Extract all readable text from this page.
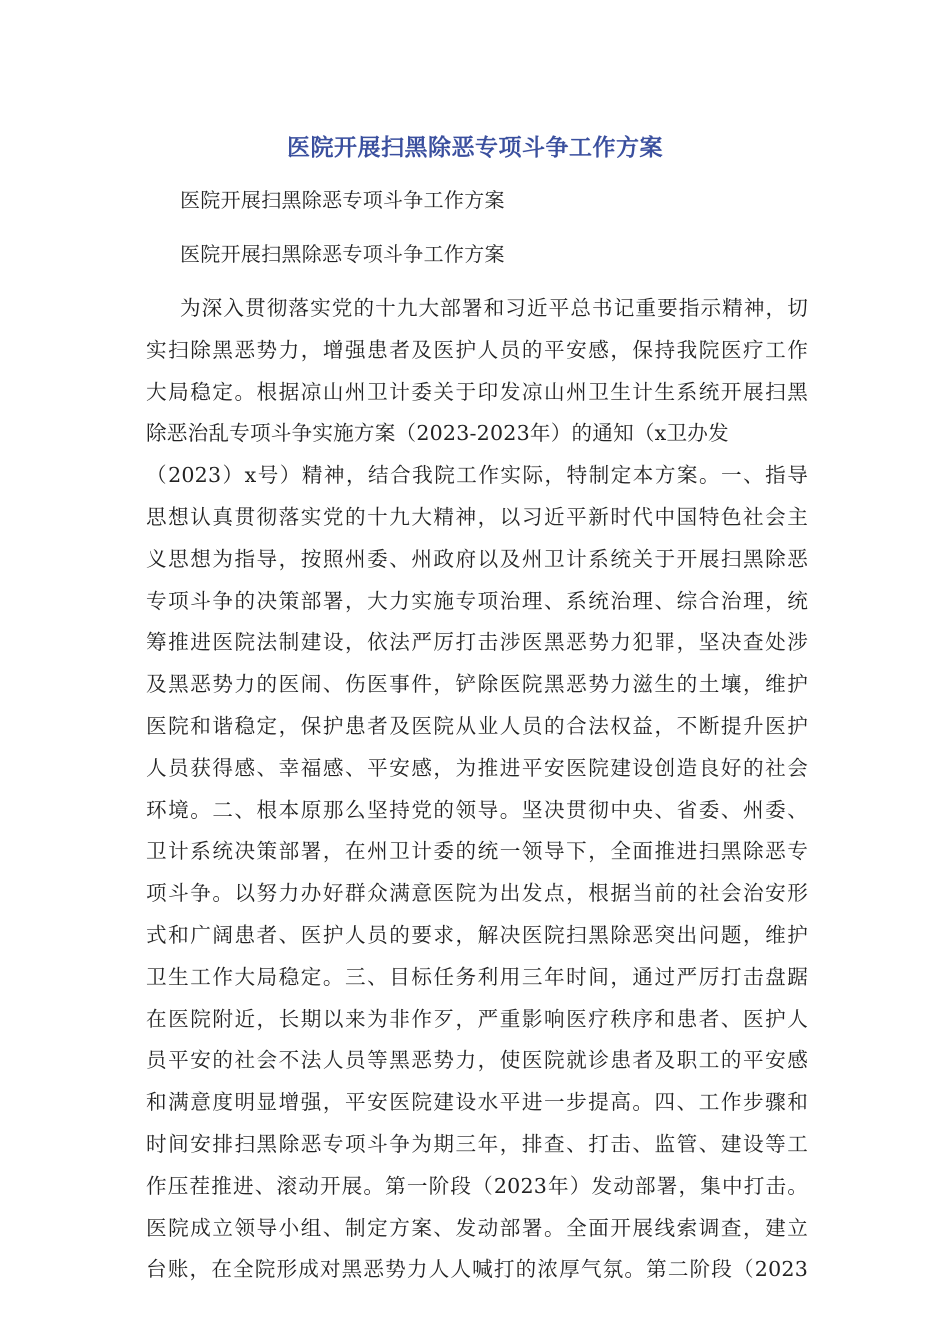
医院开展扫黑除恶专项斗争工作方案
医院开展扫黑除恶专项斗争工作方案
医院开展扫黑除恶专项斗争工作方案
为深入贯彻落实党的十九大部署和习近平总书记重要指示精神，切
实扫除黑恶势力，增强患者及医护人员的平安感，保持我院医疗工作
大局稳定。根据凉山州卫计委关于印发凉山州卫生计生系统开展扫黑
除恶治乱专项斗争实施方案（2023-2023年）的通知（x卫办发
（2023）x号）精神，结合我院工作实际，特制定本方案。一、指导
思想认真贯彻落实党的十九大精神，以习近平新时代中国特色社会主
义思想为指导，按照州委、州政府以及州卫计系统关于开展扫黑除恶
专项斗争的决策部署，大力实施专项治理、系统治理、综合治理，统
筹推进医院法制建设，依法严厉打击涉医黑恶势力犯罪，坚决查处涉
及黑恶势力的医闹、伤医事件，铲除医院黑恶势力滋生的土壤，维护
医院和谐稳定，保护患者及医院从业人员的合法权益，不断提升医护
人员获得感、幸福感、平安感，为推进平安医院建设创造良好的社会
环境。二、根本原那么坚持党的领导。坚决贯彻中央、省委、州委、
卫计系统决策部署，在州卫计委的统一领导下，全面推进扫黑除恶专
项斗争。以努力办好群众满意医院为出发点，根据当前的社会治安形
式和广阔患者、医护人员的要求，解决医院扫黑除恶突出问题，维护
卫生工作大局稳定。三、目标任务利用三年时间，通过严厉打击盘踞
在医院附近，长期以来为非作歹，严重影响医疗秩序和患者、医护人
员平安的社会不法人员等黑恶势力，使医院就诊患者及职工的平安感
和满意度明显增强，平安医院建设水平进一步提高。四、工作步骤和
时间安排扫黑除恶专项斗争为期三年，排查、打击、监管、建设等工
作压茬推进、滚动开展。第一阶段（2023年）发动部署，集中打击。
医院成立领导小组、制定方案、发动部署。全面开展线索调查，建立
台账，在全院形成对黑恶势力人人喊打的浓厚气氛。第二阶段（2023
